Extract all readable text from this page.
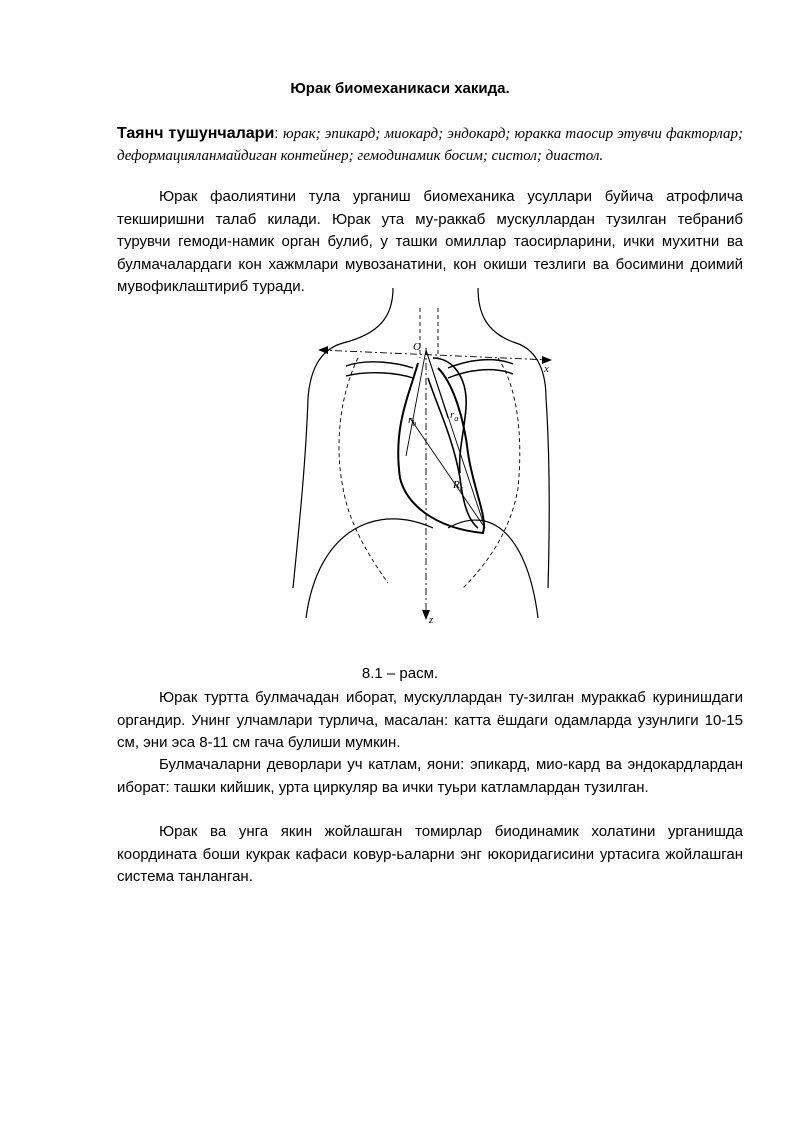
Юрак биомеханикаси хакида.
Таянч тушунчалари: юрак; эпикард; миокард; эндокард; юракка таосир этувчи факторлар; деформацияланмайдиган контейнер; гемодинамик босим; систол; диастол.

Юрак фаолиятини тула урганиш биомеханика усуллари буйича атрофлича текширишни талаб килади. Юрак ута му-раккаб мускуллардан тузилган тебраниб турувчи гемоди-намик орган булиб, у ташки омиллар таосирларини, ички мухитни ва булмачалардаги кон хажмлари мувозанатини, кон окиши тезлиги ва босимини доимий мувофиклаштириб туради.

O
x
z
$r_b$
$r_a$
$R_c$
8.1 – расм.

Юрак туртта булмачадан иборат, мускуллардан ту-зилган мураккаб куринишдаги оргaндир. Унинг улчамлари турлича, масалан: катта ёшдаги одамларда узунлиги 10-15 см, эни эса 8-11 см гача булиши мумкин.

Булмачаларни деворлари уч катлам, яони: эпикард, мио-кард ва эндокардлардан иборат: ташки кийшик, урта циркуляр ва ички туьри катламлардан тузилган.

Юрак ва унга якин жойлашган томирлар биодинамик холатини урганишда координата боши кукрак кафаси ковур-ьаларни энг юкоридагисини уртасига жойлашган система танланган.
